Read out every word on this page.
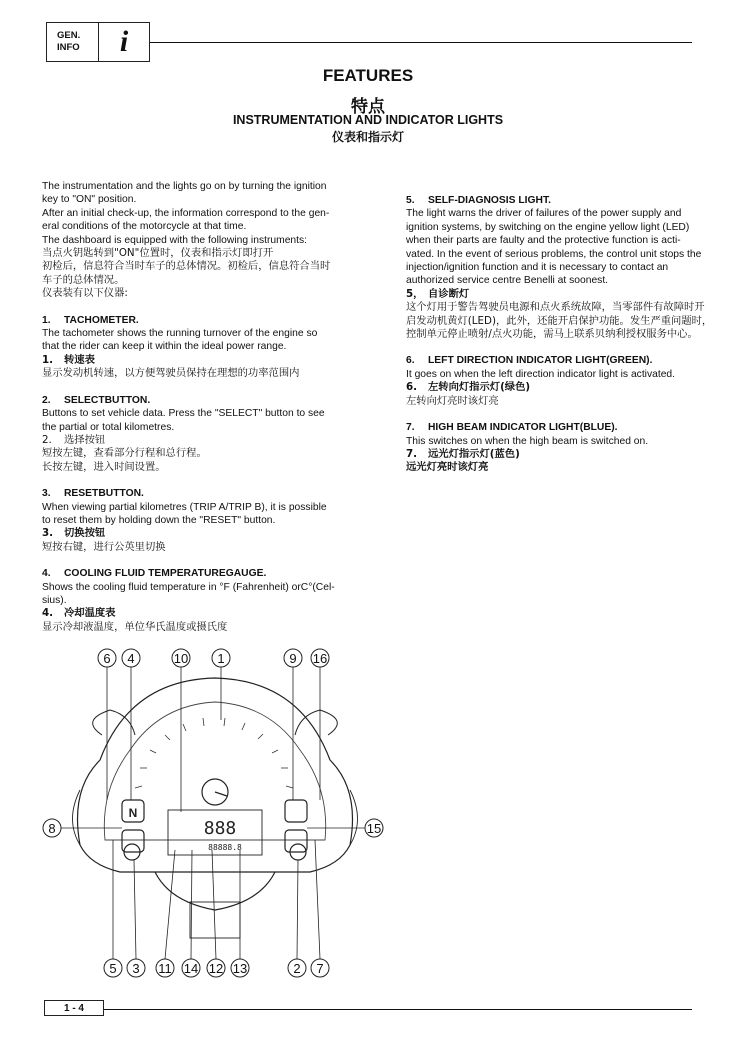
GEN.
INFO	i
FEATURES
特点
INSTRUMENTATION AND INDICATOR LIGHTS
仪表和指示灯

The instrumentation and the lights go on by turning the ignition

key to "ON" position.

After an initial check-up, the information correspond to the gen-

eral conditions of the motorcycle at that time.

The dashboard is equipped with the following instruments:

当点火钥匙转到"ON"位置时，仪表和指示灯即打开

初检后，信息符合当时车子的总体情况。初检后，信息符合当时

车子的总体情况。

仪表装有以下仪器:

1. TACHOMETER.

The tachometer shows the running turnover of the engine so

that the rider can keep it within the ideal power range.

1. 转速表

显示发动机转速，以方便驾驶员保持在理想的功率范围内

2. SELECTBUTTON.

Buttons to set vehicle data. Press the "SELECT" button to see

the partial or total kilometres.

2. 选择按钮

短按左键，查看部分行程和总行程。

长按左键，进入时间设置。

3. RESETBUTTON.

When viewing partial kilometres (TRIP A/TRIP B), it is possible

to reset them by holding down the "RESET" button.

3. 切换按钮

短按右键，进行公英里切换

4. COOLING FLUID TEMPERATUREGAUGE.

Shows the cooling fluid temperature in °F (Fahrenheit) orC°(Cel-

sius).

4. 冷却温度表

显示冷却液温度，单位华氏温度或摄氏度

5. SELF-DIAGNOSIS LIGHT.

The light warns the driver of failures of the power supply and

ignition systems, by switching on the engine yellow light (LED)

when their parts are faulty and the protective function is acti-

vated. In the event of serious problems, the control unit stops the

injection/ignition function and it is necessary to contact an

authorized service centre Benelli at soonest.

5， 自诊断灯

这个灯用于警告驾驶员电源和点火系统故障，当零部件有故障时开

启发动机黄灯(LED)，此外，还能开启保护功能。发生严重问题时，

控制单元停止喷射/点火功能，需马上联系贝纳利授权服务中心。

6. LEFT DIRECTION INDICATOR LIGHT(GREEN).

It goes on when the left direction indicator light is activated.

6. 左转向灯指示灯(绿色)

左转向灯亮时该灯亮

7. HIGH BEAM INDICATOR LIGHT(BLUE).

This switches on when the high beam is switched on.

7. 远光灯指示灯(蓝色)

远光灯亮时该灯亮

888
88888.8
N
6 4	10 1	9 16
8	15
5 3 11 14 12 13	2 7
1 - 4
